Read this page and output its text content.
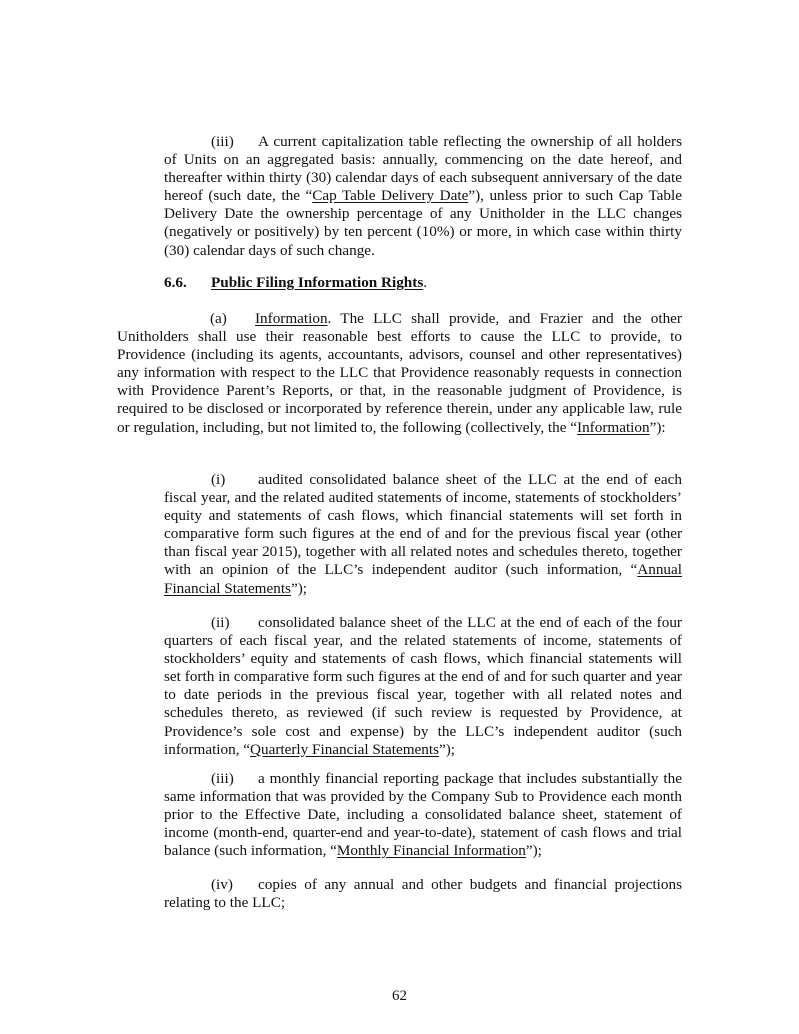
(iii) A current capitalization table reflecting the ownership of all holders of Units on an aggregated basis: annually, commencing on the date hereof, and thereafter within thirty (30) calendar days of each subsequent anniversary of the date hereof (such date, the “Cap Table Delivery Date”), unless prior to such Cap Table Delivery Date the ownership percentage of any Unitholder in the LLC changes (negatively or positively) by ten percent (10%) or more, in which case within thirty (30) calendar days of such change.
6.6. Public Filing Information Rights.
(a) Information. The LLC shall provide, and Frazier and the other Unitholders shall use their reasonable best efforts to cause the LLC to provide, to Providence (including its agents, accountants, advisors, counsel and other representatives) any information with respect to the LLC that Providence reasonably requests in connection with Providence Parent’s Reports, or that, in the reasonable judgment of Providence, is required to be disclosed or incorporated by reference therein, under any applicable law, rule or regulation, including, but not limited to, the following (collectively, the “Information”):
(i) audited consolidated balance sheet of the LLC at the end of each fiscal year, and the related audited statements of income, statements of stockholders’ equity and statements of cash flows, which financial statements will set forth in comparative form such figures at the end of and for the previous fiscal year (other than fiscal year 2015), together with all related notes and schedules thereto, together with an opinion of the LLC’s independent auditor (such information, “Annual Financial Statements”);
(ii) consolidated balance sheet of the LLC at the end of each of the four quarters of each fiscal year, and the related statements of income, statements of stockholders’ equity and statements of cash flows, which financial statements will set forth in comparative form such figures at the end of and for such quarter and year to date periods in the previous fiscal year, together with all related notes and schedules thereto, as reviewed (if such review is requested by Providence, at Providence’s sole cost and expense) by the LLC’s independent auditor (such information, “Quarterly Financial Statements”);
(iii) a monthly financial reporting package that includes substantially the same information that was provided by the Company Sub to Providence each month prior to the Effective Date, including a consolidated balance sheet, statement of income (month-end, quarter-end and year-to-date), statement of cash flows and trial balance (such information, “Monthly Financial Information”);
(iv) copies of any annual and other budgets and financial projections relating to the LLC;
62
